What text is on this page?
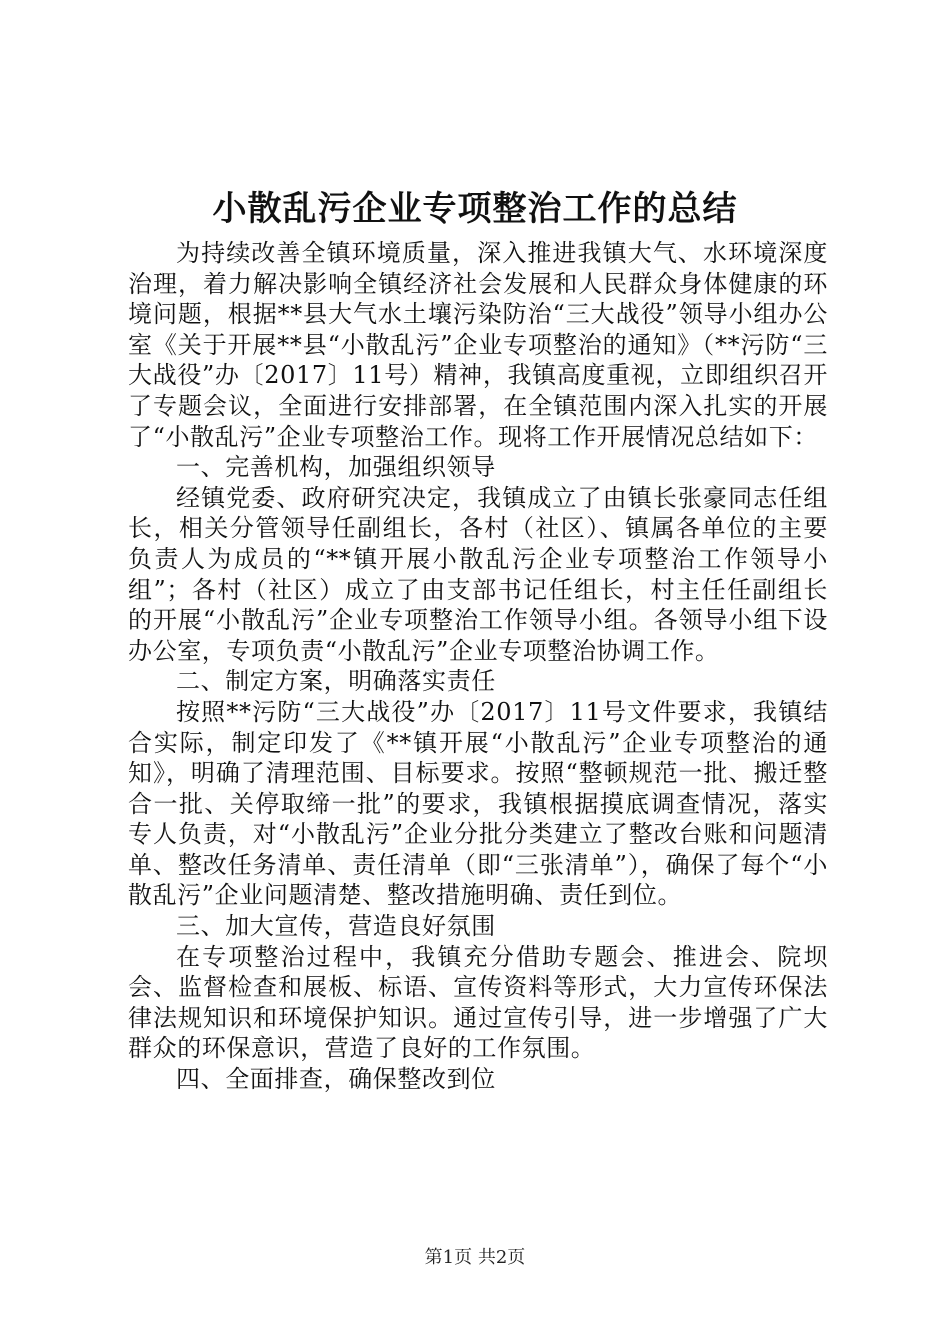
小散乱污企业专项整治工作的总结

为持续改善全镇环境质量，深入推进我镇大气、水环境深度治理，着力解决影响全镇经济社会发展和人民群众身体健康的环境问题，根据**县大气水土壤污染防治“三大战役”领导小组办公室《关于开展**县“小散乱污”企业专项整治的通知》（**污防“三大战役”办〔2017〕11号）精神，我镇高度重视，立即组织召开了专题会议，全面进行安排部署，在全镇范围内深入扎实的开展了“小散乱污”企业专项整治工作。现将工作开展情况总结如下：

一、完善机构，加强组织领导

经镇党委、政府研究决定，我镇成立了由镇长张豪同志任组长，相关分管领导任副组长，各村（社区）、镇属各单位的主要负责人为成员的“**镇开展小散乱污企业专项整治工作领导小组”；各村（社区）成立了由支部书记任组长，村主任任副组长的开展“小散乱污”企业专项整治工作领导小组。各领导小组下设办公室，专项负责“小散乱污”企业专项整治协调工作。

二、制定方案，明确落实责任

按照**污防“三大战役”办〔2017〕11号文件要求，我镇结合实际，制定印发了《**镇开展“小散乱污”企业专项整治的通知》，明确了清理范围、目标要求。按照“整顿规范一批、搬迁整合一批、关停取缔一批”的要求，我镇根据摸底调查情况，落实专人负责，对“小散乱污”企业分批分类建立了整改台账和问题清单、整改任务清单、责任清单（即“三张清单”），确保了每个“小散乱污”企业问题清楚、整改措施明确、责任到位。

三、加大宣传，营造良好氛围

在专项整治过程中，我镇充分借助专题会、推进会、院坝会、监督检查和展板、标语、宣传资料等形式，大力宣传环保法律法规知识和环境保护知识。通过宣传引导，进一步增强了广大群众的环保意识，营造了良好的工作氛围。

四、全面排查，确保整改到位

第1页 共2页
